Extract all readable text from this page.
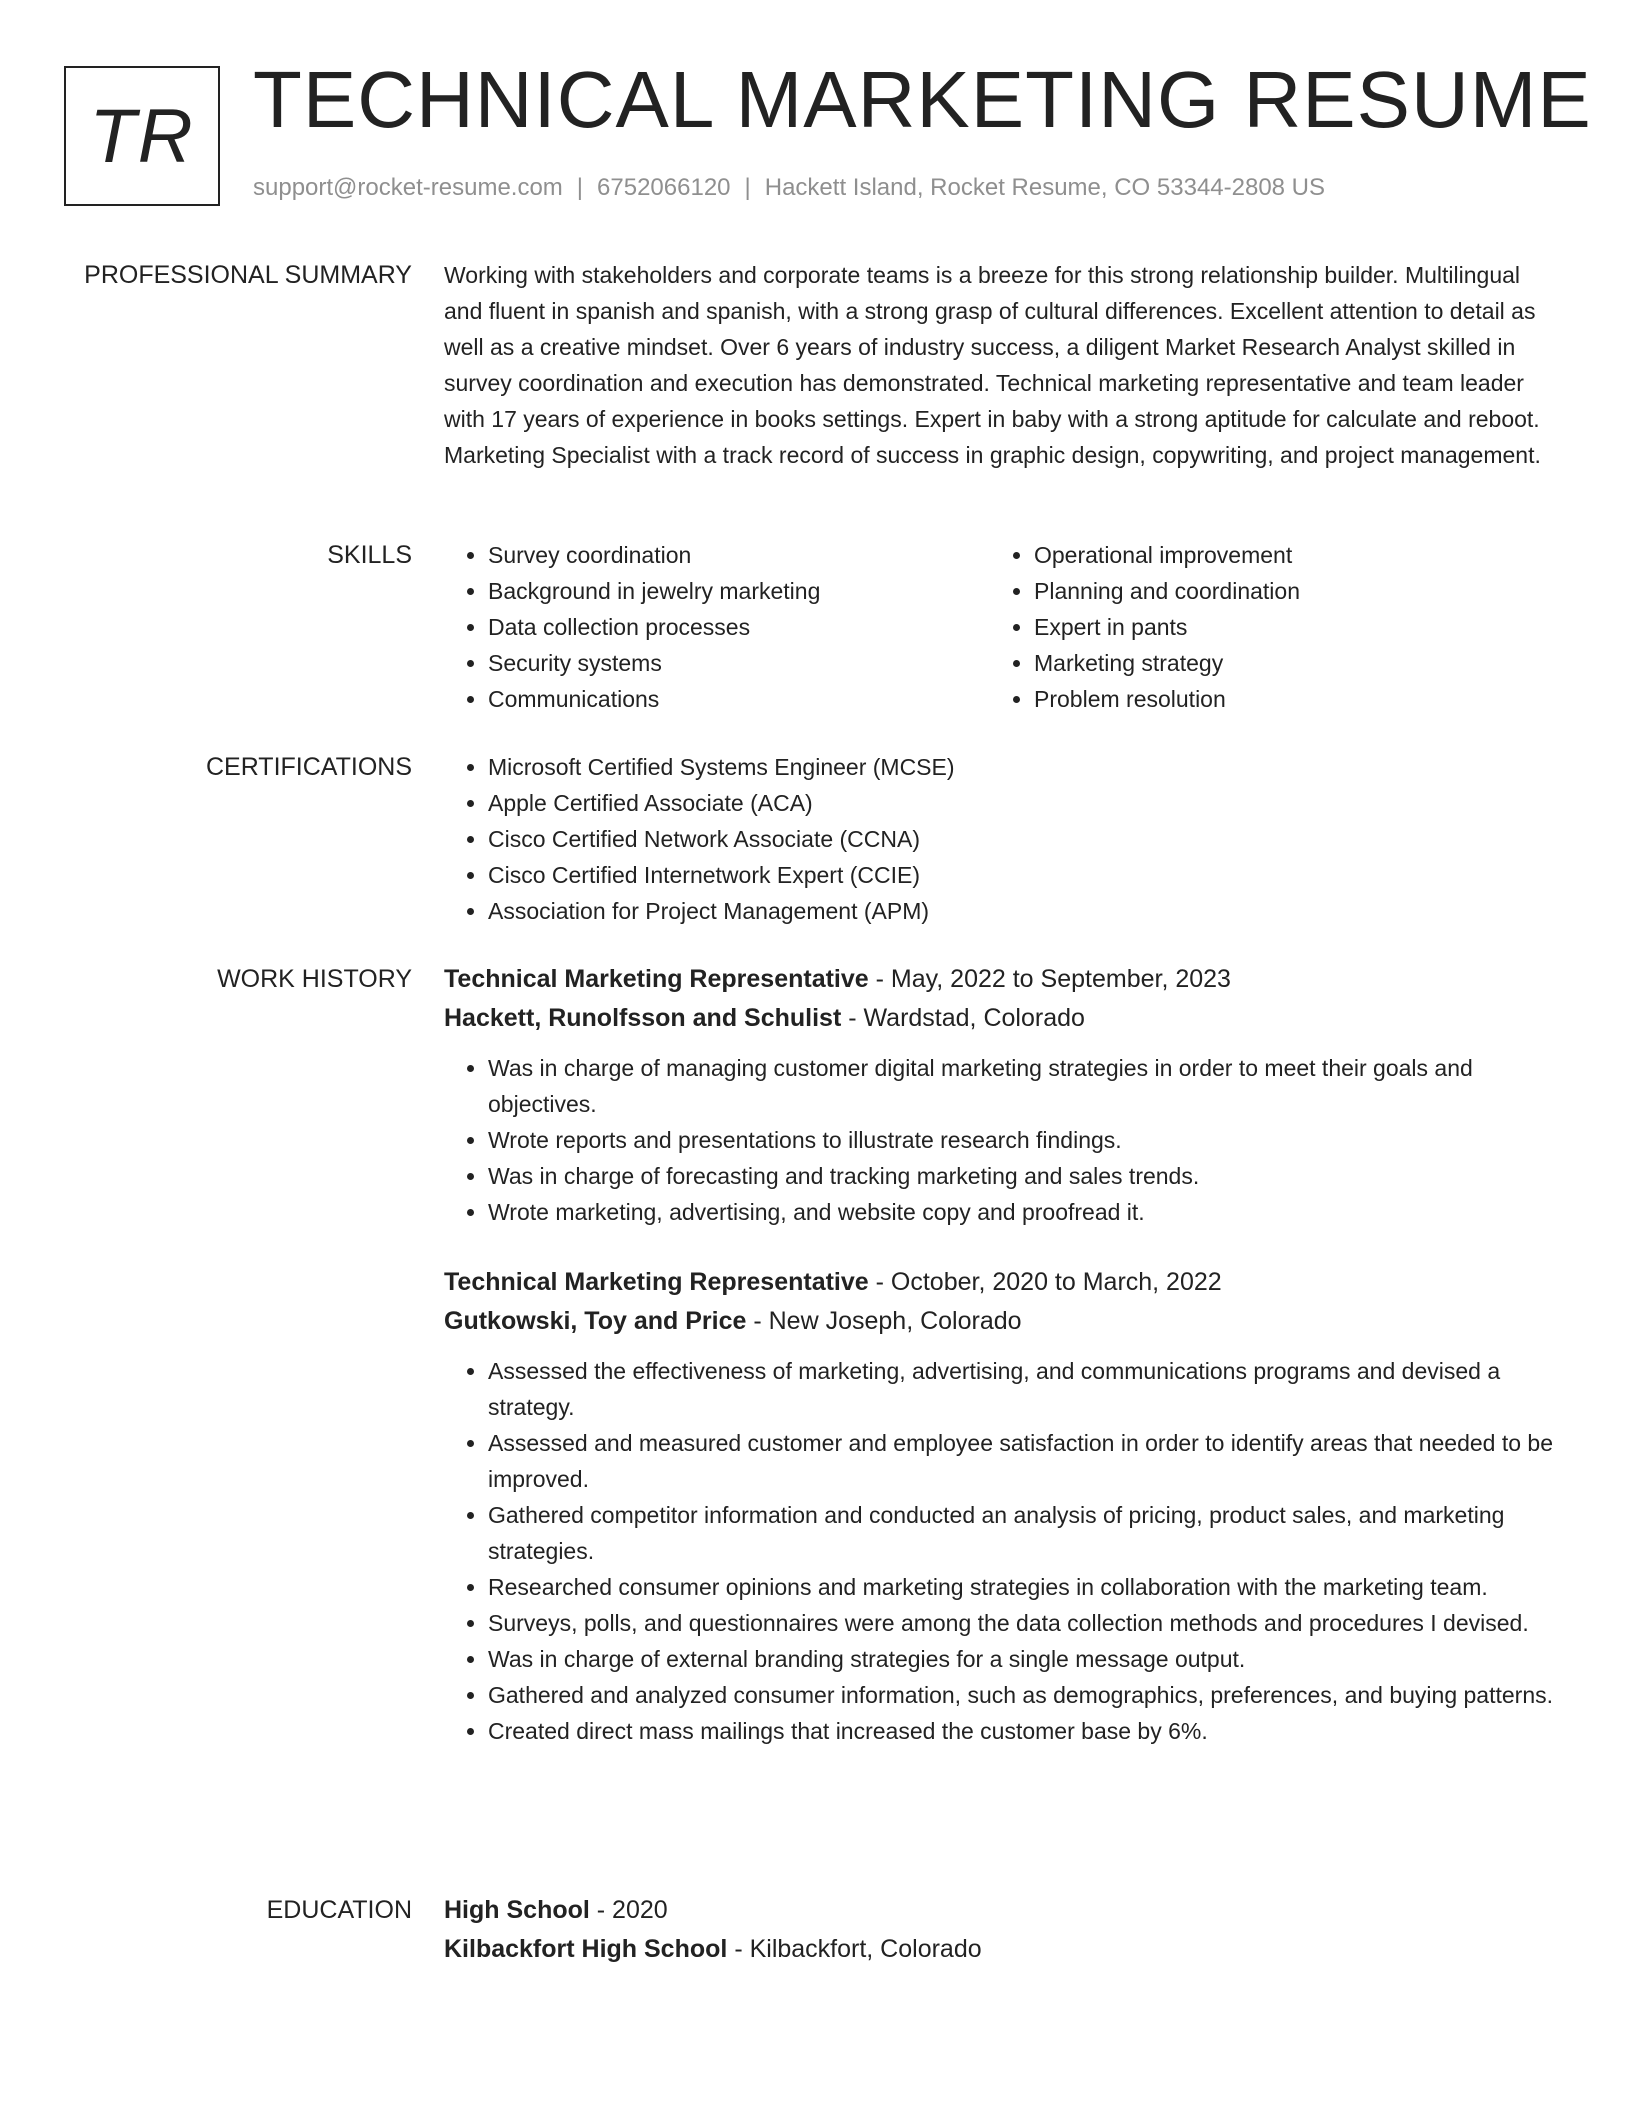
TR TECHNICAL MARKETING RESUME
support@rocket-resume.com | 6752066120 | Hackett Island, Rocket Resume, CO 53344-2808 US
PROFESSIONAL SUMMARY Working with stakeholders and corporate teams is a breeze for this strong relationship builder. Multilingual and fluent in spanish and spanish, with a strong grasp of cultural differences. Excellent attention to detail as well as a creative mindset. Over 6 years of industry success, a diligent Market Research Analyst skilled in survey coordination and execution has demonstrated. Technical marketing representative and team leader with 17 years of experience in books settings. Expert in baby with a strong aptitude for calculate and reboot. Marketing Specialist with a track record of success in graphic design, copywriting, and project management.

SKILLS	• Survey coordination
• Background in jewelry marketing
• Data collection processes
• Security systems
• Communications
• Operational improvement
• Planning and coordination
• Expert in pants
• Marketing strategy
• Problem resolution
CERTIFICATIONS	• Microsoft Certified Systems Engineer (MCSE)
• Apple Certified Associate (ACA)
• Cisco Certified Network Associate (CCNA)
• Cisco Certified Internetwork Expert (CCIE)
• Association for Project Management (APM)
WORK HISTORY Technical Marketing Representative - May, 2022 to September, 2023
Hackett, Runolfsson and Schulist - Wardstad, Colorado
• Was in charge of managing customer digital marketing strategies in order to meet their goals and objectives.
• Wrote reports and presentations to illustrate research findings.
• Was in charge of forecasting and tracking marketing and sales trends.
• Wrote marketing, advertising, and website copy and proofread it.
Technical Marketing Representative - October, 2020 to March, 2022
Gutkowski, Toy and Price - New Joseph, Colorado
• Assessed the effectiveness of marketing, advertising, and communications programs and devised a strategy.
• Assessed and measured customer and employee satisfaction in order to identify areas that needed to be improved.
• Gathered competitor information and conducted an analysis of pricing, product sales, and marketing strategies.
• Researched consumer opinions and marketing strategies in collaboration with the marketing team.
• Surveys, polls, and questionnaires were among the data collection methods and procedures I devised.
• Was in charge of external branding strategies for a single message output.
• Gathered and analyzed consumer information, such as demographics, preferences, and buying patterns.
• Created direct mass mailings that increased the customer base by 6%.
EDUCATION High School - 2020
Kilbackfort High School - Kilbackfort, Colorado
